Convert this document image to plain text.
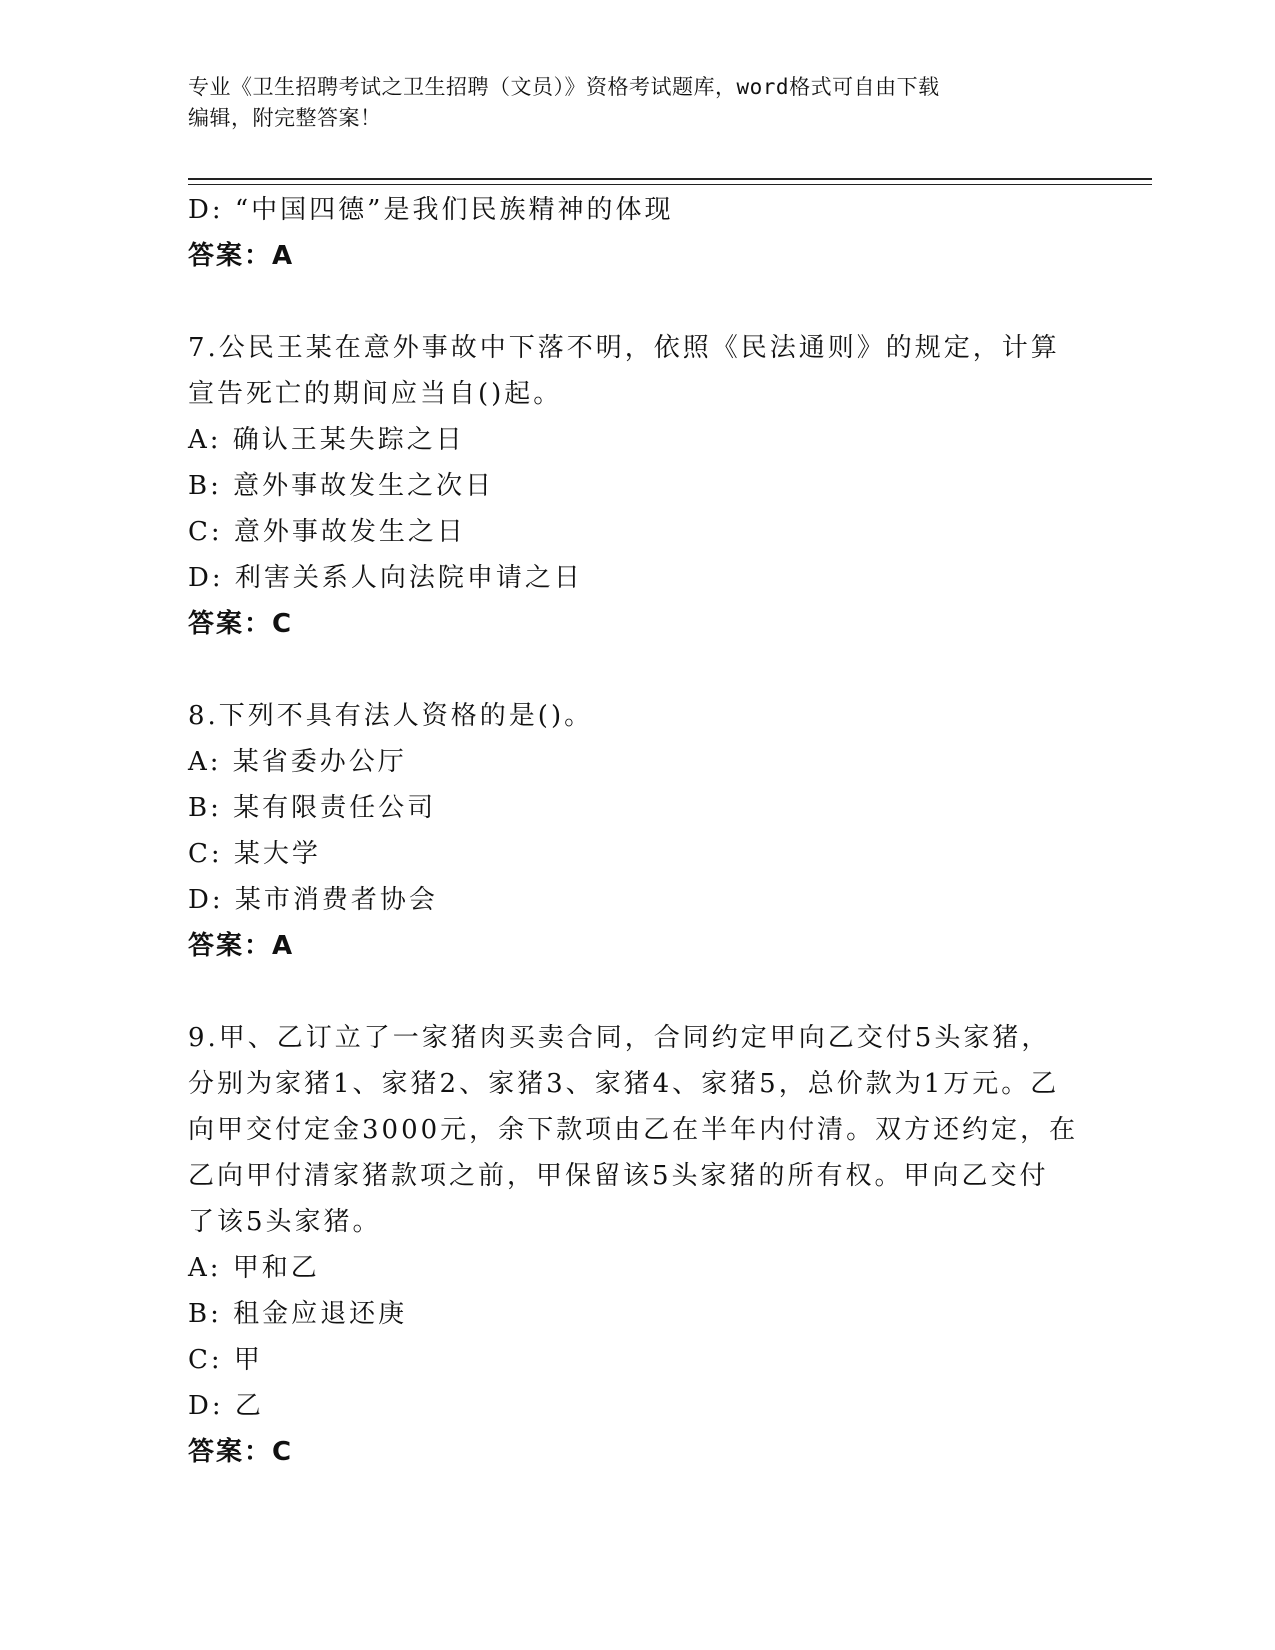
专业《卫生招聘考试之卫生招聘（文员）》资格考试题库，word格式可自由下载
编辑，附完整答案！
D: “中国四德”是我们民族精神的体现
答案：A
7.公民王某在意外事故中下落不明，依照《民法通则》的规定，计算
宣告死亡的期间应当自()起。
A: 确认王某失踪之日
B: 意外事故发生之次日
C: 意外事故发生之日
D: 利害关系人向法院申请之日
答案：C
8.下列不具有法人资格的是()。
A: 某省委办公厅
B: 某有限责任公司
C: 某大学
D: 某市消费者协会
答案：A
9.甲、乙订立了一家猪肉买卖合同，合同约定甲向乙交付5头家猪，
分别为家猪1、家猪2、家猪3、家猪4、家猪5，总价款为1万元。乙
向甲交付定金3000元，余下款项由乙在半年内付清。双方还约定，在
乙向甲付清家猪款项之前，甲保留该5头家猪的所有权。甲向乙交付
了该5头家猪。
A: 甲和乙
B: 租金应退还庚
C: 甲
D: 乙
答案：C
